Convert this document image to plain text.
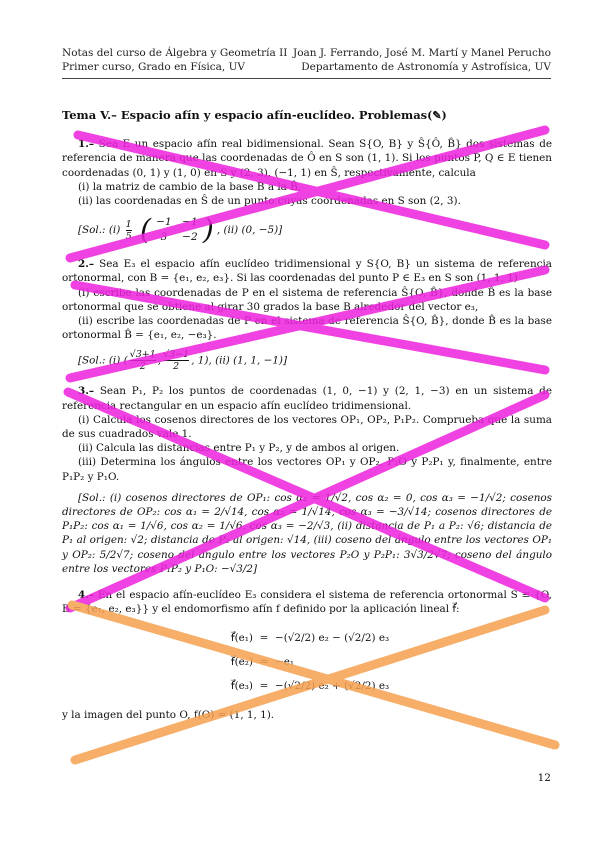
Notas del curso de Álgebra y Geometría II
Primer curso, Grado en Física, UV
Joan J. Ferrando, José M. Martí y Manel Perucho
Departamento de Astronomía y Astrofísica, UV
Tema V.– Espacio afín y espacio afín-euclídeo. Problemas(✎)

1.– Sea E un espacio afín real bidimensional. Sean S{O, B} y Ŝ{Ô, B̂} dos sistemas de referencia de manera que las coordenadas de Ô en S son (1, 1). Si los puntos P, Q ∈ E tienen coordenadas (0, 1) y (1, 0) en S y (2, 3), (−1, 1) en Ŝ, respectivamente, calcula

(i) la matriz de cambio de la base B a la B̂,

(ii) las coordenadas en Ŝ de un punto cuyas coordenadas en S son (2, 3).

[Sol.: $(i) \frac{1}{5}$ ( −1 −1
3 −2 ) , (ii) (0, −5)]

2.– Sea E₃ el espacio afín euclídeo tridimensional y S{O, B} un sistema de referencia ortonormal, con B = {e₁, e₂, e₃}. Si las coordenadas del punto P ∈ E₃ en S son (1, 1, 1)

(i) escribe las coordenadas de P en el sistema de referencia Ŝ{O, B̂}, donde B̂ es la base ortonormal que se obtiene al girar 30 grados la base B alrededor del vector e₃,

(ii) escribe las coordenadas de P en el sistema de referencia Ŝ{O, B̂}, donde B̂ es la base ortonormal B̂ = {e₁, e₂, −e₃}.

[Sol.: (i) ( $\frac{√3+1}{2}$ , $\frac{√3-1}{2}$ , 1), (ii) (1, 1, −1)]

3.– Sean P₁, P₂ los puntos de coordenadas (1, 0, −1) y (2, 1, −3) en un sistema de referencia rectangular en un espacio afín euclídeo tridimensional.

(i) Calcula los cosenos directores de los vectores OP₁, OP₂, P₁P₂. Comprueba que la suma de sus cuadrados vale 1.

(ii) Calcula las distancias entre P₁ y P₂, y de ambos al origen.

(iii) Determina los ángulos entre los vectores OP₁ y OP₂, P₂O y P₂P₁ y, finalmente, entre P₁P₂ y P₁O.

[Sol.: (i) cosenos directores de OP₁: cos α₁ = 1/√2, cos α₂ = 0, cos α₃ = −1/√2; cosenos directores de OP₂: cos α₁ = 2/√14, cos α₂ = 1/√14, cos α₃ = −3/√14; cosenos directores de P₁P₂: cos α₁ = 1/√6, cos α₂ = 1/√6, cos α₃ = −2/√3, (ii) distancia de P₁ a P₂: √6; distancia de P₁ al origen: √2; distancia de P₂ al origen: √14, (iii) coseno del ángulo entre los vectores OP₁ y OP₂: 5/2√7; coseno del ángulo entre los vectores P₂O y P₂P₁: 3√3/2√7; coseno del ángulo entre los vectores P₁P₂ y P₁O: −√3/2]

4.– En el espacio afín-euclídeo E₃ considera el sistema de referencia ortonormal S ≡ {O, B = {e₁, e₂, e₃}} y el endomorfismo afín f definido por la aplicación lineal f⃗:

f⃗(e₁) = −(√2/2) e₂ − (√2/2) e₃
f⃗(e₂) = −e₁
f⃗(e₃) = −(√2/2) e₂ + (√2/2) e₃

y la imagen del punto O, f(O) = (1, 1, 1).

12
